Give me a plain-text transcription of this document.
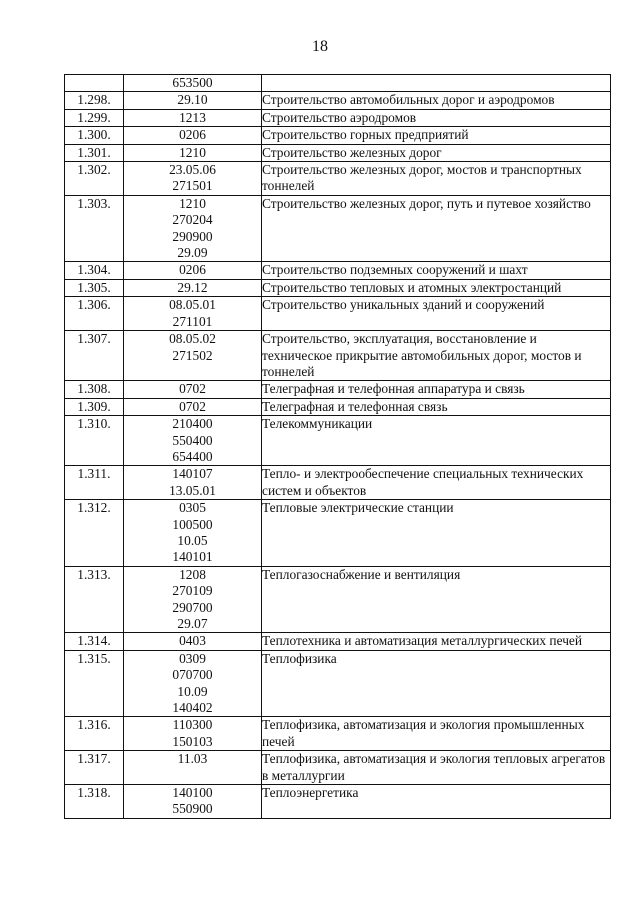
18

	653500	

1.298.	29.10	Строительство автомобильных дорог и аэродромов
1.299.	1213	Строительство аэродромов
1.300.	0206	Строительство горных предприятий
1.301.	1210	Строительство железных дорог
1.302.	23.05.06
271501	Строительство железных дорог, мостов и транспортных тоннелей
1.303.	1210
270204
290900
29.09	Строительство железных дорог, путь и путевое хозяйство
1.304.	0206	Строительство подземных сооружений и шахт
1.305.	29.12	Строительство тепловых и атомных электростанций
1.306.	08.05.01
271101	Строительство уникальных зданий и сооружений
1.307.	08.05.02
271502	Строительство, эксплуатация, восстановление и техническое прикрытие автомобильных дорог, мостов и тоннелей
1.308.	0702	Телеграфная и телефонная аппаратура и связь
1.309.	0702	Телеграфная и телефонная связь
1.310.	210400
550400
654400	Телекоммуникации
1.311.	140107
13.05.01	Тепло- и электрообеспечение специальных технических систем и объектов
1.312.	0305
100500
10.05
140101	Тепловые электрические станции
1.313.	1208
270109
290700
29.07	Теплогазоснабжение и вентиляция
1.314.	0403	Теплотехника и автоматизация металлургических печей
1.315.	0309
070700
10.09
140402	Теплофизика
1.316.	110300
150103	Теплофизика, автоматизация и экология промышленных печей
1.317.	11.03	Теплофизика, автоматизация и экология тепловых агрегатов в металлургии
1.318.	140100
550900	Теплоэнергетика
